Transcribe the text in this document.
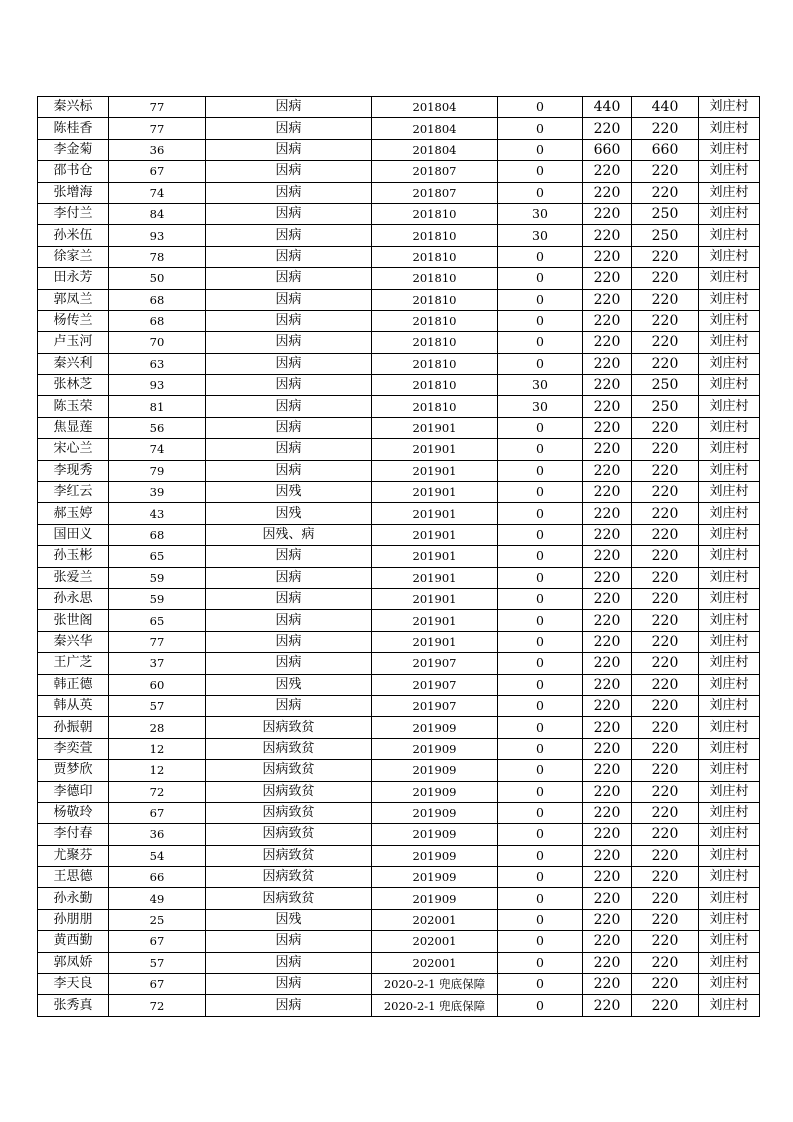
秦兴标	77	因病	201804	0	440	440	刘庄村
陈桂香	77	因病	201804	0	220	220	刘庄村
李金菊	36	因病	201804	0	660	660	刘庄村
邵书仓	67	因病	201807	0	220	220	刘庄村
张增海	74	因病	201807	0	220	220	刘庄村
李付兰	84	因病	201810	30	220	250	刘庄村
孙米伍	93	因病	201810	30	220	250	刘庄村
徐家兰	78	因病	201810	0	220	220	刘庄村
田永芳	50	因病	201810	0	220	220	刘庄村
郭凤兰	68	因病	201810	0	220	220	刘庄村
杨传兰	68	因病	201810	0	220	220	刘庄村
卢玉河	70	因病	201810	0	220	220	刘庄村
秦兴利	63	因病	201810	0	220	220	刘庄村
张林芝	93	因病	201810	30	220	250	刘庄村
陈玉荣	81	因病	201810	30	220	250	刘庄村
焦显莲	56	因病	201901	0	220	220	刘庄村
宋心兰	74	因病	201901	0	220	220	刘庄村
李现秀	79	因病	201901	0	220	220	刘庄村
李红云	39	因残	201901	0	220	220	刘庄村
郝玉婷	43	因残	201901	0	220	220	刘庄村
国田义	68	因残、病	201901	0	220	220	刘庄村
孙玉彬	65	因病	201901	0	220	220	刘庄村
张爱兰	59	因病	201901	0	220	220	刘庄村
孙永思	59	因病	201901	0	220	220	刘庄村
张世阁	65	因病	201901	0	220	220	刘庄村
秦兴华	77	因病	201901	0	220	220	刘庄村
王广芝	37	因病	201907	0	220	220	刘庄村
韩正德	60	因残	201907	0	220	220	刘庄村
韩从英	57	因病	201907	0	220	220	刘庄村
孙振朝	28	因病致贫	201909	0	220	220	刘庄村
李奕萱	12	因病致贫	201909	0	220	220	刘庄村
贾梦欣	12	因病致贫	201909	0	220	220	刘庄村
李德印	72	因病致贫	201909	0	220	220	刘庄村
杨敬玲	67	因病致贫	201909	0	220	220	刘庄村
李付春	36	因病致贫	201909	0	220	220	刘庄村
尤聚芬	54	因病致贫	201909	0	220	220	刘庄村
王思德	66	因病致贫	201909	0	220	220	刘庄村
孙永勤	49	因病致贫	201909	0	220	220	刘庄村
孙朋朋	25	因残	202001	0	220	220	刘庄村
黄西勤	67	因病	202001	0	220	220	刘庄村
郭凤娇	57	因病	202001	0	220	220	刘庄村
李天良	67	因病	2020-2-1 兜底保障	0	220	220	刘庄村
张秀真	72	因病	2020-2-1 兜底保障	0	220	220	刘庄村
